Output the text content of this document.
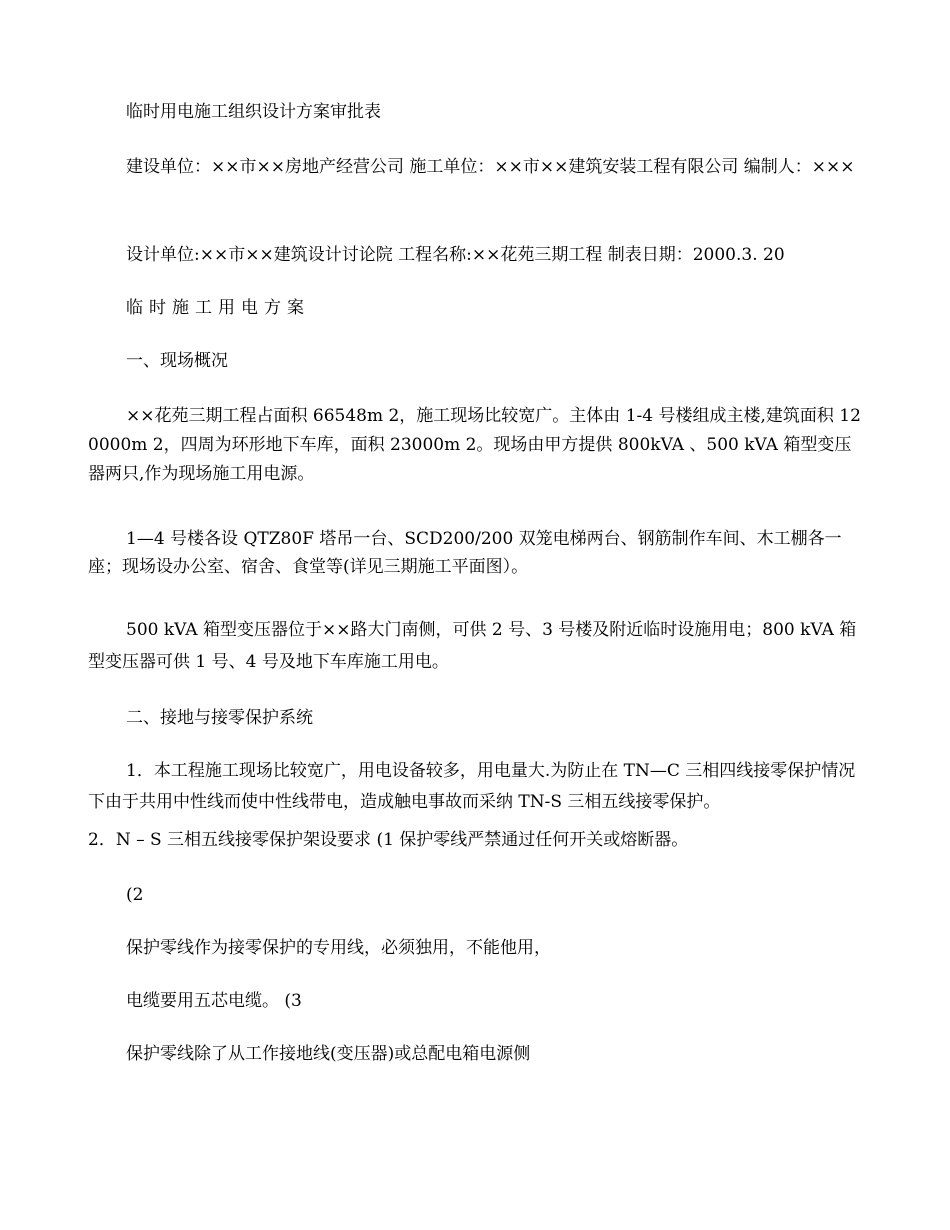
临时用电施工组织设计方案审批表

建设单位：××市××房地产经营公司 施工单位：××市××建筑安装工程有限公司 编制人：×××

设计单位:××市××建筑设计讨论院 工程名称:××花苑三期工程 制表日期：2000.3. 20

临时施工用电方案

一、现场概况

××花苑三期工程占面积 66548m 2，施工现场比较宽广。主体由 1-4 号楼组成主楼,建筑面积 120000m 2，四周为环形地下车库，面积 23000m 2。现场由甲方提供 800kVA 、500 kVA 箱型变压器两只,作为现场施工用电源。

1—4 号楼各设 QTZ80F 塔吊一台、SCD200/200 双笼电梯两台、钢筋制作车间、木工棚各一座；现场设办公室、宿舍、食堂等(详见三期施工平面图）。

500 kVA 箱型变压器位于××路大门南侧，可供 2 号、3 号楼及附近临时设施用电；800 kVA 箱型变压器可供 1 号、4 号及地下车库施工用电。

二、接地与接零保护系统

1．本工程施工现场比较宽广，用电设备较多，用电量大.为防止在 TN—C 三相四线接零保护情况下由于共用中性线而使中性线带电，造成触电事故而采纳 TN-S 三相五线接零保护。

2．N – S 三相五线接零保护架设要求 (1 保护零线严禁通过任何开关或熔断器。

(2

保护零线作为接零保护的专用线，必须独用，不能他用，

电缆要用五芯电缆。 (3

保护零线除了从工作接地线(变压器)或总配电箱电源侧
